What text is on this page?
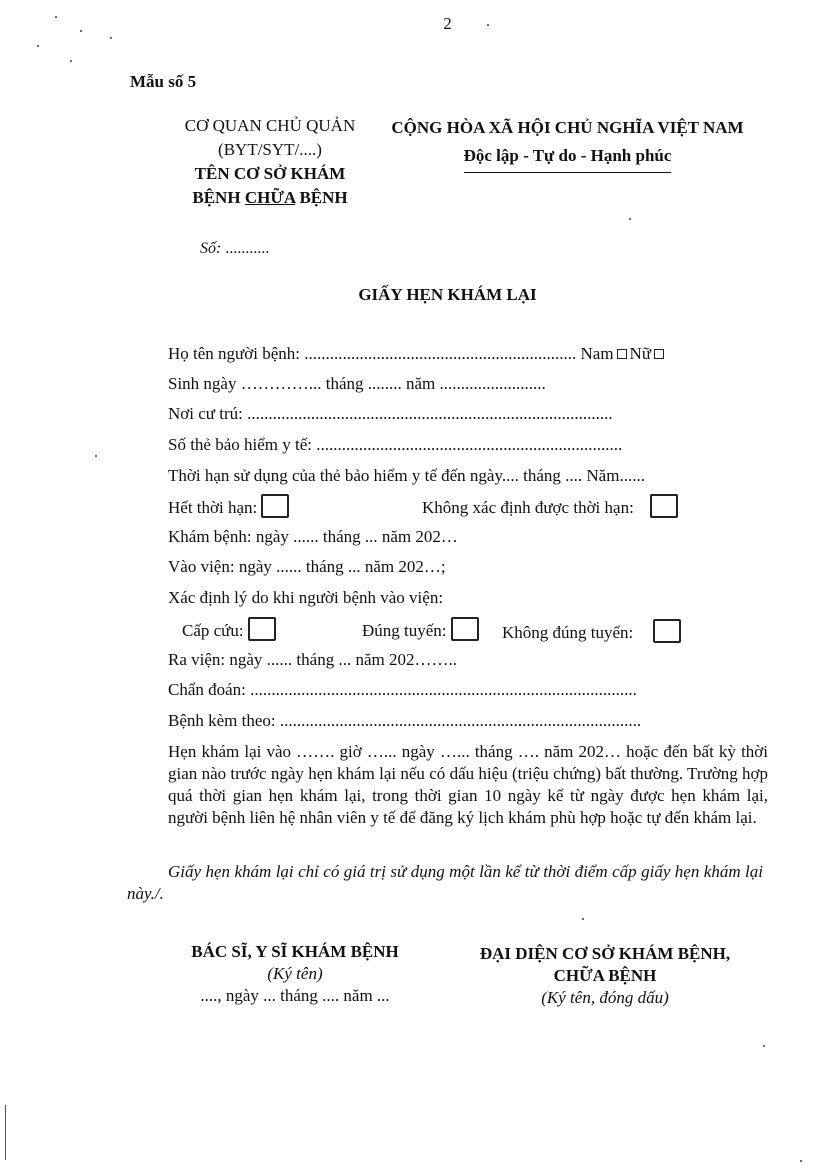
2
Mẫu số 5
CƠ QUAN CHỦ QUẢN
(BYT/SYT/....)
TÊN CƠ SỞ KHÁM
BỆNH CHỮA BỆNH
CỘNG HÒA XÃ HỘI CHỦ NGHĨA VIỆT NAM
Độc lập - Tự do - Hạnh phúc
Số: ...........
GIẤY HẸN KHÁM LẠI
Họ tên người bệnh: ................................................................ Nam Nữ
Sinh ngày …………... tháng ........ năm .........................
Nơi cư trú: ......................................................................................
Số thẻ bảo hiểm y tế: ........................................................................
Thời hạn sử dụng của thẻ bảo hiểm y tế đến ngày.... tháng .... Năm......
Hết thời hạn:	Không xác định được thời hạn:
Khám bệnh: ngày ...... tháng ... năm 202…
Vào viện: ngày ...... tháng ... năm 202…;
Xác định lý do khi người bệnh vào viện:
Cấp cứu:	Đúng tuyến:	Không đúng tuyến:
Ra viện: ngày ...... tháng ... năm 202……..
Chẩn đoán: ...........................................................................................
Bệnh kèm theo: .....................................................................................
Hẹn khám lại vào ……. giờ …... ngày …... tháng …. năm 202… hoặc đến bất kỳ thời gian nào trước ngày hẹn khám lại nếu có dấu hiệu (triệu chứng) bất thường. Trường hợp quá thời gian hẹn khám lại, trong thời gian 10 ngày kể từ ngày được hẹn khám lại, người bệnh liên hệ nhân viên y tế để đăng ký lịch khám phù hợp hoặc tự đến khám lại.
Giấy hẹn khám lại chỉ có giá trị sử dụng một lần kể từ thời điểm cấp giấy hẹn khám lại này./.
BÁC SĨ, Y SĨ KHÁM BỆNH
(Ký tên)
...., ngày ... tháng .... năm ...
ĐẠI DIỆN CƠ SỞ KHÁM BỆNH,
CHỮA BỆNH
(Ký tên, đóng dấu)
